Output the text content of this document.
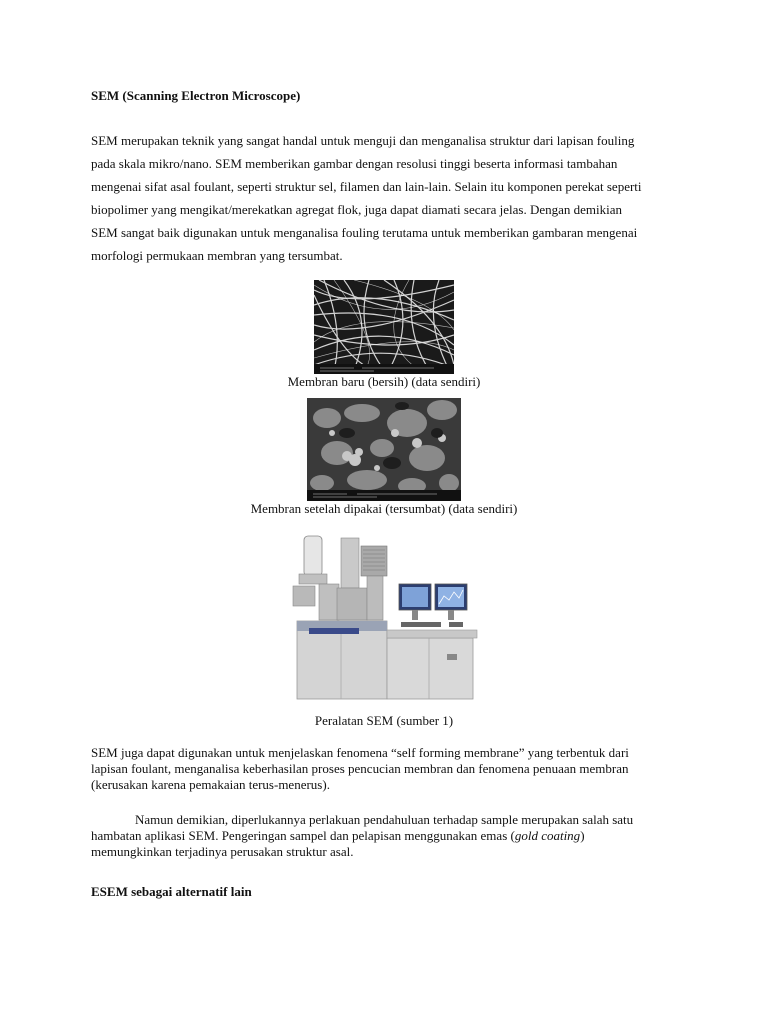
SEM (Scanning Electron Microscope)
SEM merupakan teknik yang sangat handal untuk menguji dan menganalisa struktur dari lapisan fouling
pada skala mikro/nano. SEM memberikan gambar dengan resolusi tinggi beserta informasi tambahan
mengenai sifat asal foulant, seperti struktur sel, filamen dan lain-lain. Selain itu komponen perekat seperti
biopolimer yang mengikat/merekatkan agregat flok, juga dapat diamati secara jelas. Dengan demikian
SEM sangat baik digunakan untuk menganalisa fouling terutama untuk memberikan gambaran mengenai
morfologi permukaan membran yang tersumbat.
Membran baru (bersih) (data sendiri)
Membran setelah dipakai (tersumbat) (data sendiri)
Peralatan SEM (sumber 1)
SEM juga dapat digunakan untuk menjelaskan fenomena “self forming membrane” yang terbentuk dari
lapisan foulant, menganalisa keberhasilan proses pencucian membran dan fenomena penuaan membran
(kerusakan karena pemakaian terus-menerus).
Namun demikian, diperlukannya perlakuan pendahuluan terhadap sample merupakan salah satu
hambatan aplikasi SEM. Pengeringan sampel dan pelapisan menggunakan emas (gold coating)
memungkinkan terjadinya perusakan struktur asal.
ESEM sebagai alternatif lain
